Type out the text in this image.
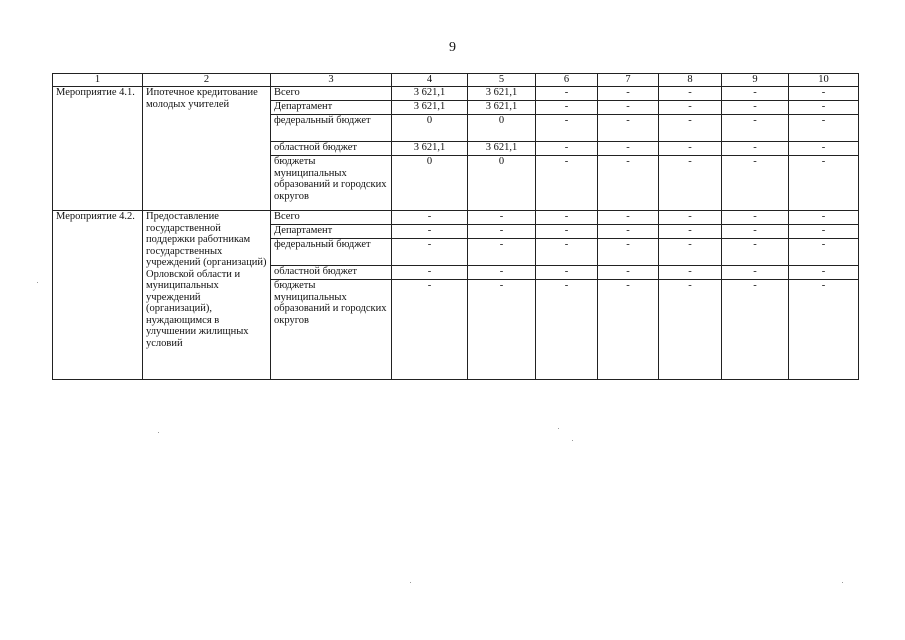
9
1	2	3	4	5	6	7	8	9	10
Мероприятие 4.1.	Ипотечное кредитование молодых учителей	Всего	3 621,1	3 621,1	-	-	-	-	-
		Департамент	3 621,1	3 621,1	-	-	-	-	-
		федеральный бюджет	0	0	-	-	-	-	-
		областной бюджет	3 621,1	3 621,1	-	-	-	-	-
		бюджеты муниципальных образований и городских округов	0	0	-	-	-	-	-
Мероприятие 4.2.	Предоставление государственной поддержки работникам государственных учреждений (организаций) Орловской области и муниципальных учреждений (организаций), нуждающимся в улучшении жилищных условий	Всего	-	-	-	-	-	-	-
		Департамент	-	-	-	-	-	-	-
		федеральный бюджет	-	-	-	-	-	-	-
		областной бюджет	-	-	-	-	-	-	-
		бюджеты муниципальных образований и городских округов	-	-	-	-	-	-	-
